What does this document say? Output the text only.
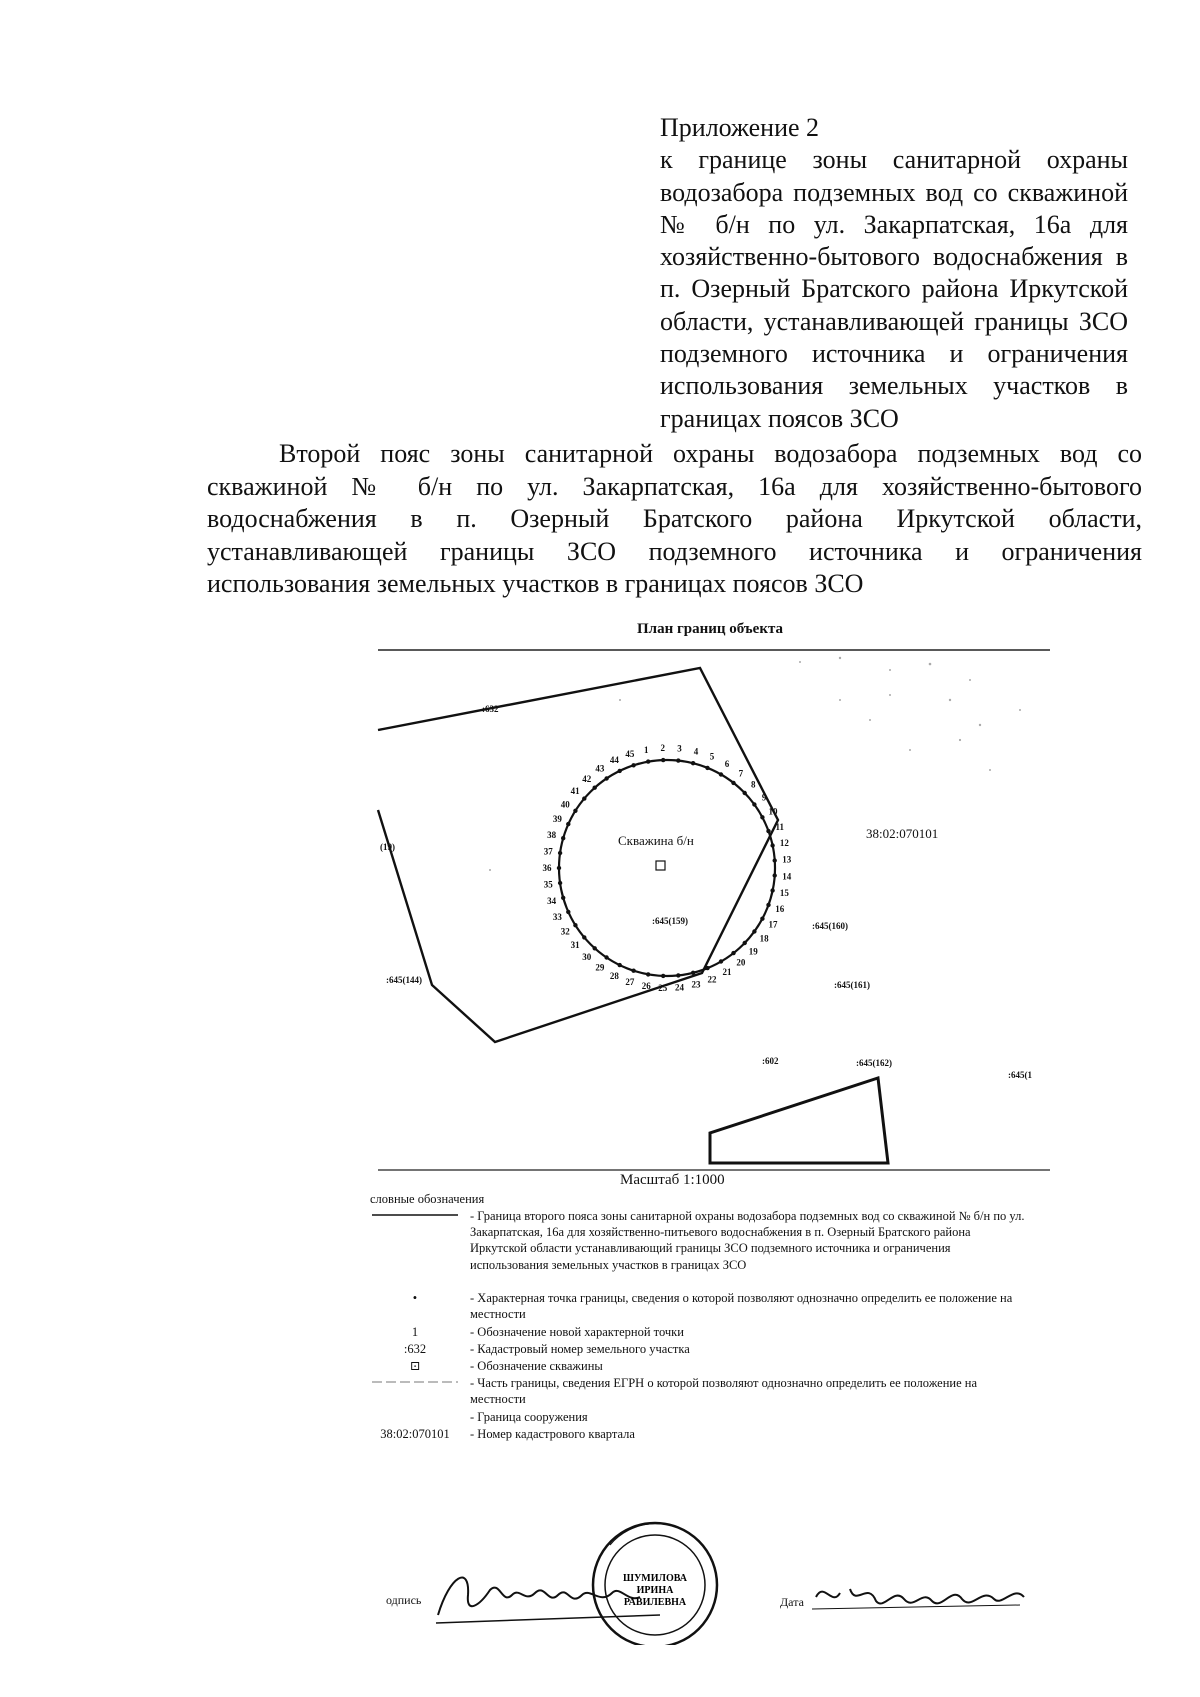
Приложение 2
к границе зоны санитарной охраны водозабора подземных вод со скважиной № б/н по ул. Закарпатская, 16а для хозяйственно-бытового водоснабжения в п. Озерный Братского района Иркутской области, устанавливающей границы ЗСО подземного источника и ограничения использования земельных участков в границах поясов ЗСО
Второй пояс зоны санитарной охраны водозабора подземных вод со скважиной № б/н по ул. Закарпатская, 16а для хозяйственно-бытового водоснабжения в п. Озерный Братского района Иркутской области, устанавливающей границы ЗСО подземного источника и ограничения использования земельных участков в границах поясов ЗСО
План границ объекта
1 2 3 4
5
6
7
8
9
10
11
12
13
14
15
16
17
18
19
20
21
22
23
24
25
26
27
28
29
30
31
32
33
34
35
36
37
38
39
40
41
42
43
44
45
Скважина б/н	38:02:070101
:632
(19)
:645(159)	:645(160)
:645(144)	:645(161)
:602	:645(162)
:645(1
Масштаб 1:1000
словные обозначения
- Граница второго пояса зоны санитарной охраны водозабора подземных вод со скважиной № б/н по ул. Закарпатская, 16а для хозяйственно-питьевого водоснабжения в п. Озерный Братского района Иркутской области устанавливающий границы ЗСО подземного источника и ограничения использования земельных участков в границах ЗСО
•	- Характерная точка границы, сведения о которой позволяют однозначно определить ее положение на местности
1	- Обозначение новой характерной точки
:632	- Кадастровый номер земельного участка
⊡	- Обозначение скважины
- Часть границы, сведения ЕГРН о которой позволяют однозначно определить ее положение на местности
- Граница сооружения
38:02:070101	- Номер кадастрового квартала
одпись
ШУМИЛОВА
ИРИНА
РАВИЛЕВНА	Дата
